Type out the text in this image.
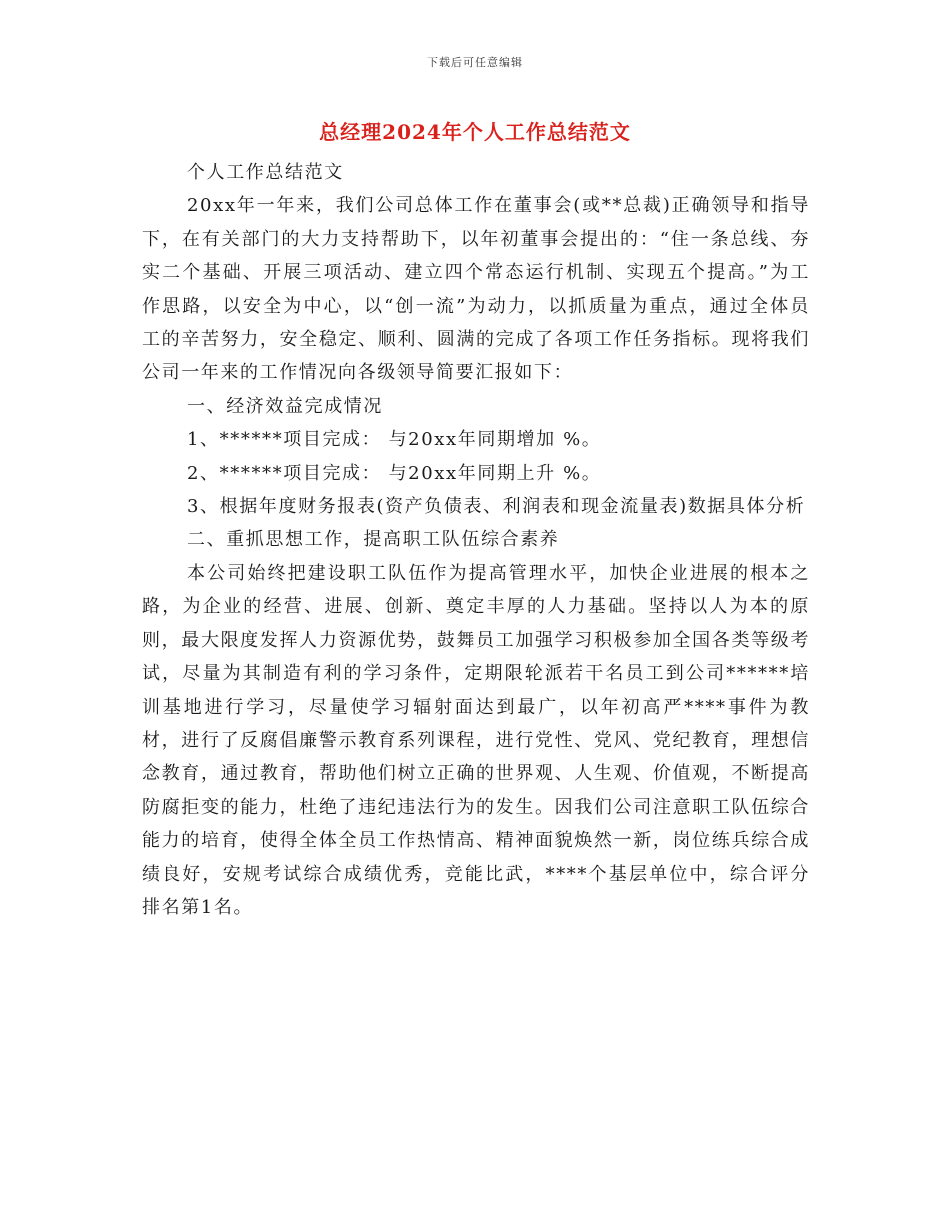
下载后可任意编辑
总经理2024年个人工作总结范文

个人工作总结范文

20xx年一年来，我们公司总体工作在董事会(或**总裁)正确领导和指导下，在有关部门的大力支持帮助下，以年初董事会提出的：“住一条总线、夯实二个基础、开展三项活动、建立四个常态运行机制、实现五个提高。”为工作思路，以安全为中心，以“创一流”为动力，以抓质量为重点，通过全体员工的辛苦努力，安全稳定、顺利、圆满的完成了各项工作任务指标。现将我们公司一年来的工作情况向各级领导简要汇报如下：

一、经济效益完成情况

1、******项目完成： 与20xx年同期增加 %。

2、******项目完成： 与20xx年同期上升 %。

3、根据年度财务报表(资产负债表、利润表和现金流量表)数据具体分析

二、重抓思想工作，提高职工队伍综合素养

本公司始终把建设职工队伍作为提高管理水平，加快企业进展的根本之路，为企业的经营、进展、创新、奠定丰厚的人力基础。坚持以人为本的原则，最大限度发挥人力资源优势，鼓舞员工加强学习积极参加全国各类等级考试，尽量为其制造有利的学习条件，定期限轮派若干名员工到公司******培训基地进行学习，尽量使学习辐射面达到最广，以年初高严****事件为教材，进行了反腐倡廉警示教育系列课程，进行党性、党风、党纪教育，理想信念教育，通过教育，帮助他们树立正确的世界观、人生观、价值观，不断提高防腐拒变的能力，杜绝了违纪违法行为的发生。因我们公司注意职工队伍综合能力的培育，使得全体全员工作热情高、精神面貌焕然一新，岗位练兵综合成绩良好，安规考试综合成绩优秀，竞能比武，****个基层单位中，综合评分排名第1名。
